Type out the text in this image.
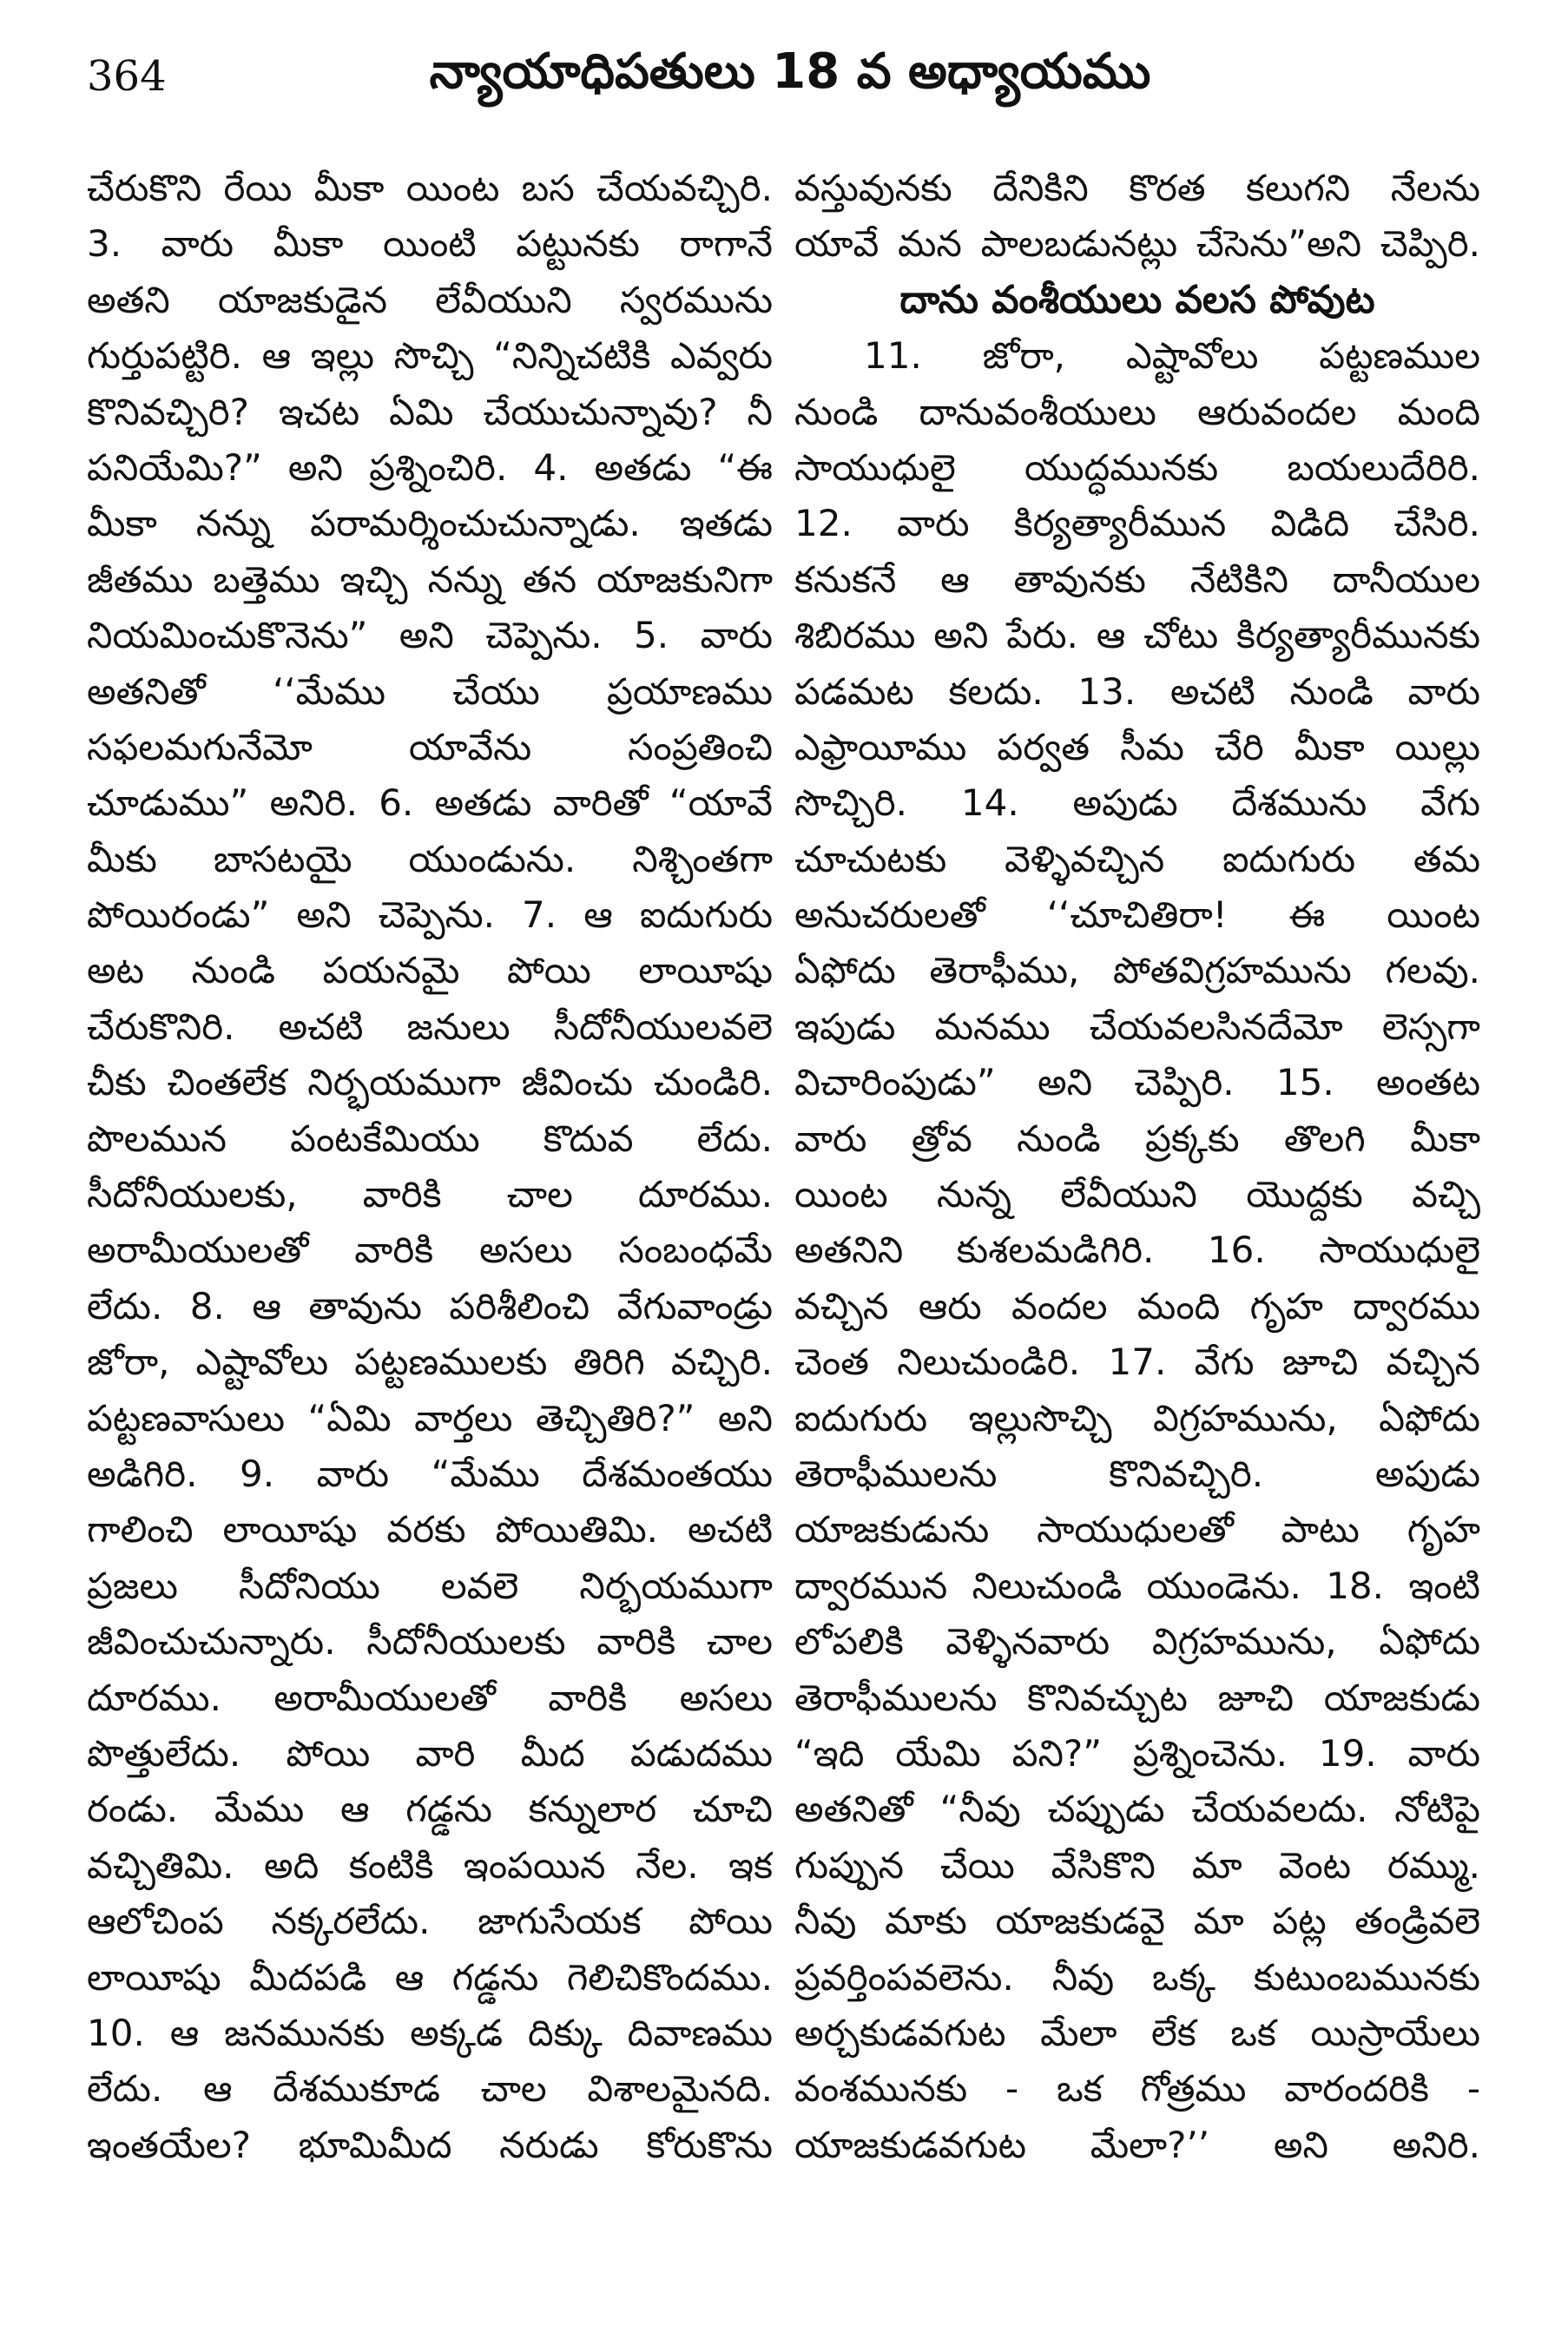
364	న్యాయాధిపతులు 18 వ అధ్యాయము
చేరుకొని రేయి మీకా యింట బస చేయవచ్చిరి.
3. వారు మీకా యింటి పట్టునకు రాగానే
అతని యాజకుడైన లేవీయుని స్వరమును
గుర్తుపట్టిరి. ఆ ఇల్లు సొచ్చి “నిన్నిచటికి ఎవ్వరు
కొనివచ్చిరి? ఇచట ఏమి చేయుచున్నావు? నీ
పనియేమి?” అని ప్రశ్నించిరి. 4. అతడు “ఈ
మీకా నన్ను పరామర్శించుచున్నాడు. ఇతడు
జీతము బత్తెము ఇచ్చి నన్ను తన యాజకునిగా
నియమించుకొనెను” అని చెప్పెను. 5. వారు
అతనితో ‘‘మేము చేయు ప్రయాణము
సఫలమగునేమో యావేను సంప్రతించి
చూడుము” అనిరి. 6. అతడు వారితో “యావే
మీకు బాసటయై యుండును. నిశ్చింతగా
పోయిరండు” అని చెప్పెను. 7. ఆ ఐదుగురు
అట నుండి పయనమై పోయి లాయీషు
చేరుకొనిరి. అచటి జనులు సీదోనీయులవలె
చీకు చింతలేక నిర్భయముగా జీవించు చుండిరి.
పొలమున పంటకేమియు కొదువ లేదు.
సీదోనీయులకు, వారికి చాల దూరము.
అరామీయులతో వారికి అసలు సంబంధమే
లేదు. 8. ఆ తావును పరిశీలించి వేగువాండ్రు
జోరా, ఎష్టావోలు పట్టణములకు తిరిగి వచ్చిరి.
పట్టణవాసులు “ఏమి వార్తలు తెచ్చితిరి?” అని
అడిగిరి. 9. వారు “మేము దేశమంతయు
గాలించి లాయీషు వరకు పోయితిమి. అచటి
ప్రజలు సీదోనియు లవలె నిర్భయముగా
జీవించుచున్నారు. సీదోనీయులకు వారికి చాల
దూరము. అరామీయులతో వారికి అసలు
పొత్తులేదు. పోయి వారి మీద పడుదము
రండు. మేము ఆ గడ్డను కన్నులార చూచి
వచ్చితిమి. అది కంటికి ఇంపయిన నేల. ఇక
ఆలోచింప నక్కరలేదు. జాగుసేయక పోయి
లాయీషు మీదపడి ఆ గడ్డను గెలిచికొందము.
10. ఆ జనమునకు అక్కడ దిక్కు దివాణము
లేదు. ఆ దేశముకూడ చాల విశాలమైనది.
ఇంతయేల? భూమిమీద నరుడు కోరుకొను
వస్తువునకు దేనికిని కొరత కలుగని నేలను
యావే మన పాలబడునట్లు చేసెను”అని చెప్పిరి.
దాను వంశీయులు వలస పోవుట
11. జోరా, ఎష్టావోలు పట్టణముల
నుండి దానువంశీయులు ఆరువందల మంది
సాయుధులై యుద్ధమునకు బయలుదేరిరి.
12. వారు కిర్యత్యారీమున విడిది చేసిరి.
కనుకనే ఆ తావునకు నేటికిని దానీయుల
శిబిరము అని పేరు. ఆ చోటు కిర్యత్యారీమునకు
పడమట కలదు. 13. అచటి నుండి వారు
ఎఫ్రాయీము పర్వత సీమ చేరి మీకా యిల్లు
సొచ్చిరి. 14. అపుడు దేశమును వేగు
చూచుటకు వెళ్ళివచ్చిన ఐదుగురు తమ
అనుచరులతో ‘‘చూచితిరా! ఈ యింట
ఏఫోదు తెరాఫీము, పోతవిగ్రహమును గలవు.
ఇపుడు మనము చేయవలసినదేమో లెస్సగా
విచారింపుడు” అని చెప్పిరి. 15. అంతట
వారు త్రోవ నుండి ప్రక్కకు తొలగి మీకా
యింట నున్న లేవీయుని యొద్దకు వచ్చి
అతనిని కుశలమడిగిరి. 16. సాయుధులై
వచ్చిన ఆరు వందల మంది గృహ ద్వారము
చెంత నిలుచుండిరి. 17. వేగు జూచి వచ్చిన
ఐదుగురు ఇల్లుసొచ్చి విగ్రహమును, ఏఫోదు
తెరాఫీములను కొనివచ్చిరి. అపుడు
యాజకుడును సాయుధులతో పాటు గృహ
ద్వారమున నిలుచుండి యుండెను. 18. ఇంటి
లోపలికి వెళ్ళినవారు విగ్రహమును, ఏఫోదు
తెరాఫీములను కొనివచ్చుట జూచి యాజకుడు
“ఇది యేమి పని?” ప్రశ్నించెను. 19. వారు
అతనితో “నీవు చప్పుడు చేయవలదు. నోటిపై
గుప్పున చేయి వేసికొని మా వెంట రమ్ము.
నీవు మాకు యాజకుడవై మా పట్ల తండ్రివలె
ప్రవర్తింపవలెను. నీవు ఒక్క కుటుంబమునకు
అర్చకుడవగుట మేలా లేక ఒక యిస్రాయేలు
వంశమునకు - ఒక గోత్రము వారందరికి -
యాజకుడవగుట మేలా?’’ అని అనిరి.
